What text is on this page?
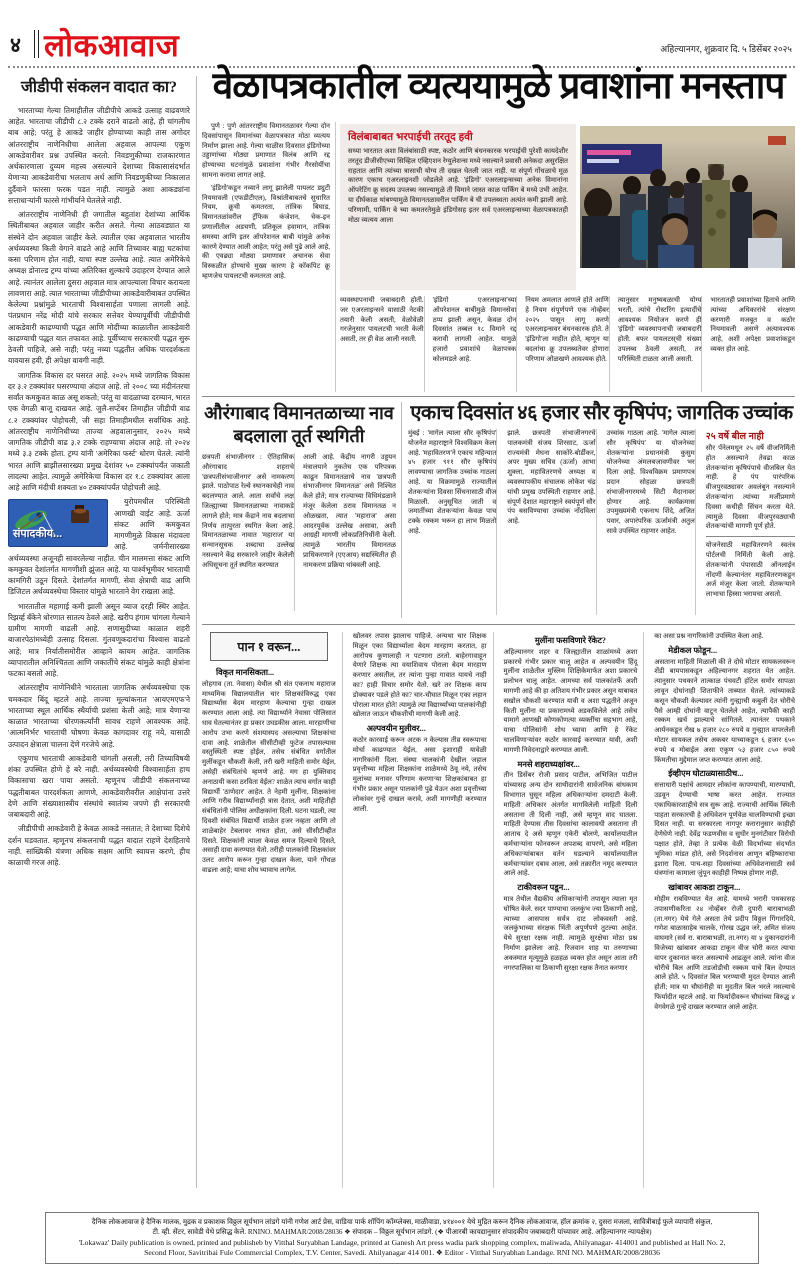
४ लोकआवाज	अहिल्यानगर, शुक्रवार दि. ५ डिसेंबर २०२५
जीडीपी संकलन वादात का?

भारताच्या गेल्या तिमाहीतील जीडीपीचे आकडे उत्साह वाढवणारे आहेत. भारताचा जीडीपी ८.२ टक्के दराने वाढतो आहे, ही चांगलीच बाब आहे; परंतु हे आकडे जाहीर होण्याच्या काही तास अगोदर आंतरराष्ट्रीय नाणेनिधीचा आलेला अहवाल आपल्या एकूण आकडेवारीवर प्रश्न उपस्थित करतो. निवडणुकीच्या राजकारणात अर्थकारणाला दुय्यम महत्त्व असल्याने देशाच्या विकासासंदर्भात येणाऱ्या आकडेवारीचा भलताच अर्थ आणि निवडणुकीच्या निकालात दुर्दैवाने फारसा फरक पडत नाही. त्यामुळे अशा आकड्यांना सत्ताधाऱ्यांनी फारसे गांभीर्याने घेतलेले नाही.

आंतरराष्ट्रीय नाणेनिधी ही जगातील बहुतांश देशांच्या आर्थिक स्थितीबाबत अहवाल जाहीर करीत असते. गेल्या आठवड्यात या संस्थेने दोन अहवाल जाहीर केले. त्यातील एका अहवालात भारतीय अर्थव्यवस्था किती वेगाने वाढते आहे आणि तिच्यावर बाह्य घटकांचा कसा परिणाम होत नाही, याचा स्पष्ट उल्लेख आहे. त्यात अमेरिकेचे अध्यक्ष डोनाल्ड ट्रम्प यांच्या अतिरिक्त शुल्काचे उदाहरण देण्यात आले आहे. त्यानंतर आलेला दुसरा अहवाल मात्र आपल्याला विचार करायला लावणारा आहे. त्यात भारताच्या जीडीपीच्या आकडेवारीबाबत उपस्थित केलेल्या प्रश्नांमुळे भारताची विश्वासार्हता पणाला लागली आहे. पंतप्रधान नरेंद्र मोदी यांचे सरकार सत्तेवर येण्यापूर्वीची जीडीपीची आकडेवारी काढण्याची पद्धत आणि मोदींच्या काळातील आकडेवारी काढण्याची पद्धत यात तफावत आहे. पूर्वीच्याच सरकारची पद्धत सुरू ठेवली पाहिजे, असे नाही; परंतु नव्या पद्धतीत अधिक पारदर्शकता यावयास हवी, ही अपेक्षा वावगी नाही.

जागतिक विकास दर घसरत आहे. २०२५ मध्ये जागतिक विकास दर ३.२ टक्क्यांवर घसरण्याचा अंदाज आहे. तो २००८ च्या मंदीनंतरचा सर्वांत कमकुवत काळ असू शकतो; परंतु या वादळाच्या दरम्यान, भारत एक वेगळी बाजू दाखवत आहे. जुलै-सप्टेंबर तिमाहीत जीडीपी वाढ ८.२ टक्क्यांवर पोहोचली, जी सहा तिमाहीमधील सर्वाधिक आहे. आंतरराष्ट्रीय नाणेनिधीच्या ताज्या अहवालानुसार, २०२५ मध्ये जागतिक जीडीपी वाढ ३.२ टक्के राहण्याचा अंदाज आहे. तो २०२४ मध्ये ३.३ टक्के होता. ट्रम्प यांनी 'अमेरिका फर्स्ट' धोरण घेतले. त्यांनी भारत आणि ब्राझीलसारख्या प्रमुख देशांवर ५० टक्क्यांपर्यंत जकाती लादल्या आहेत. त्यामुळे अमेरिकेचा विकास दर १.८ टक्क्यांवर आला आहे आणि मंदीची शक्यता ४० टक्क्यांपर्यंत पोहोचली आहे.

संपादकीय...

युरोपमधील परिस्थिती आणखी वाईट आहे. ऊर्जा संकट आणि कमकुवत मागणीमुळे विकास मंदावला आहे. जर्मनीसारख्या अर्थव्यवस्था अजूनही सावरलेल्या नाहीत. चीन मालमत्ता संकट आणि कमकुवत देशांतर्गत मागणीशी झुंजत आहे. या पार्श्वभूमीवर भारताची कामगिरी उठून दिसते. देशांतर्गत मागणी, सेवा क्षेत्राची वाढ आणि डिजिटल अर्थव्यवस्थेचा विस्तार यांमुळे भारताने वेग राखला आहे.

भारतातील महागाई कमी झाली असून व्याज दरही स्थिर आहेत. रिझर्व्ह बँकेने धोरणात सातत्य ठेवले आहे. खरीप हंगाम चांगला गेल्याने ग्रामीण मागणी वाढली आहे. सणासुदीच्या काळात शहरी बाजारपेठांमध्येही उत्साह दिसला. गुंतवणूकदारांचा विश्वास वाढतो आहे; मात्र निर्यातीसमोरील आव्हाने कायम आहेत. जागतिक व्यापारातील अनिश्चितता आणि जकातींचे संकट यांमुळे काही क्षेत्रांना फटका बसतो आहे.

आंतरराष्ट्रीय नाणेनिधीने भारताला जागतिक अर्थव्यवस्थेचा एक चमकदार बिंदू म्हटले आहे. ताज्या मूल्यांकनात 'आयएमएफ'ने भारताच्या स्थूल आर्थिक स्थैर्याची प्रशंसा केली आहे; मात्र येणाऱ्या काळात भारताच्या धोरणकर्त्यांनी सावध राहणे आवश्यक आहे. 'आत्मनिर्भर' भारताची घोषणा केवळ कागदावर राहू नये, यासाठी उत्पादन क्षेत्राला चालना देणे गरजेचे आहे.

एकूणच भारताची आकडेवारी चांगली असली, तरी तिच्याविषयी शंका उपस्थित होणे हे बरे नाही. अर्थव्यवस्थेची विश्वासार्हता हाच विकासाचा खरा पाया असतो. म्हणूनच जीडीपी संकलनाच्या पद्धतीबाबत पारदर्शकता आणणे, आकडेवारीवरील आक्षेपांना उत्तरे देणे आणि संख्याशास्त्रीय संस्थांचे स्वातंत्र्य जपणे ही सरकारची जबाबदारी आहे.

जीडीपीची आकडेवारी हे केवळ आकडे नसतात; ते देशाच्या दिशेचे दर्शन घडवतात. म्हणूनच संकलनाची पद्धत वादात राहणे देशहिताचे नाही. सांख्यिकी यंत्रणा अधिक सक्षम आणि स्वायत्त करणे, हीच काळाची गरज आहे.

वेळापत्रकातील व्यत्ययामुळे प्रवाशांना मनस्ताप

पुणे : पुणे आंतरराष्ट्रीय विमानतळावर गेल्या दोन दिवसांपासून विमानांच्या वेळापत्रकात मोठा व्यत्यय निर्माण झाला आहे. गेल्या चाळीस दिवसात इंडिगोच्या उड्डाणांच्या मोठ्या प्रमाणात विलंब आणि रद्द होण्याच्या घटनांमुळे प्रवाशांना गंभीर गैरसोयींचा सामना करावा लागत आहे.

'इंडिगो'कडून नव्याने लागू झालेली पायलट ड्युटी नियमावली (एफडीटीएल), विश्रांतीबाबतचे सुधारित नियम, क्रूची कमतरता, तांत्रिक बिघाड, विमानतळांवरील ट्रॅफिक कंजेशन, चेक-इन प्रणालींतील अडचणी, प्रतिकूल हवामान, तांत्रिक समस्या आणि इतर ऑपरेशनल बाबी यांमुळे अनेक कारणे देण्यात आली आहेत; परंतु असे पुढे आले आहे, की एवढ्या मोठ्या प्रमाणावर अचानक सेवा विस्कळीत होण्याचे मुख्य कारण हे कॉकपिट क्रू म्हणजेच पायलटची कमतरता आहे.

विलंबाबाबत भरपाईची तरतूद हवी
सध्या भारतात अशा विलंबांसाठी स्पष्ट, कठोर आणि बंधनकारक भरपाईची पुरेशी कायदेशीर तरतूद डीजीसीएच्या सिव्हिल एव्हिएशन रेग्युलेशन्स मध्ये नसल्याने प्रवासी अनेकदा असुरक्षित राहतात आणि त्यांच्या त्रासाची योग्य ती दखल घेतली जात नाही. या संपूर्ण गोंधळाचे मूळ कारण एकाच एअरलाइनशी जोडलेले आहे. 'इंडिगो' एअरलाइन्सच्या अनेक विमानांना ऑपरेटिंग क्रू सदस्य उपलब्ध नसल्यामुळे ती विमाने जास्त काळ पार्किंग बे मध्ये उभी आहेत. या दीर्घकाळ थांबण्यामुळे विमानतळावरील पार्किंग बे ची उपलब्धता अत्यंत कमी झाली आहे. परिणामी, पार्किंग बे च्या कमतरतेमुळे इंडिगोसह इतर सर्व एअरलाइन्सच्या वेळापत्रकातही मोठा व्यत्यय आला
व्यवस्थापनाची जबाबदारी होती. जर एअरलाइन्सने यासाठी नेटकी तयारी केली असती, वेळोवेळी गरजेनुसार पायलटची भरती केली असती, तर ही वेळ आली नसती.
'इंडिगो एअरलाइन्स'च्या ऑपरेशनल बाबींमुळे विमानसेवा ठप्प झाली असून, केवळ दोन दिवसांत तब्बल १८ विमाने रद्द करावी लागली आहेत. यामुळे हजारो प्रवाशांचे वेळापत्रक कोलमडले आहे.
नियम अमलात आणले होते आणि हे नियम संपूर्णपणे एक नोव्हेंबर २०२५ पासून लागू करणे एअरलाइन्सवर बंधनकारक होते. ते 'इंडिगो'ला माहीत होते, म्हणून या बदलांचा क्रू उपलब्धतेवर होणारा परिणाम ओळखणे आवश्यक होते.
त्यानुसार मनुष्यबळाची योग्य भरती, त्यांचे रोस्टरिंग इत्यादींचे आवश्यक नियोजन करणे ही 'इंडिगो' व्यवस्थापनाची जबाबदारी होती. बफर पायलटस्‌ची संख्या उपलब्ध ठेवली असती, तर परिस्थिती टाळता आली असती.
भारतातही प्रवाशांच्या हिताचे आणि त्यांच्या अधिकारांचे संरक्षण करणारी मजबूत व कठोर नियमावली असणे अत्यावश्यक आहे, अशी अपेक्षा प्रवाशांकडून व्यक्त होत आहे.
औरंगाबाद विमानतळाच्या नाव बदलाला तूर्त स्थगिती
छत्रपती संभाजीनगर : ऐतिहासिक औरंगाबाद शहराचे 'छत्रपतीसंभाजीनगर' असे नामकरण झाले. पाठोपाठ रेल्वे स्थानकाचेही नाव बदलण्यात आले. आता सर्वांचे लक्ष जिल्ह्याच्या विमानतळाच्या नावाकडे लागले होते; मात्र केंद्राने नाव बदलाचा निर्णय तात्पुरता स्थगित केला आहे. विमानतळाच्या नावात 'महाराज' या सन्मानसूचक शब्दाचा उल्लेख नसल्याने केंद्र सरकारने जाहीर केलेली अधिसूचना तूर्त स्थगित करण्यात
आली आहे. केंद्रीय नागरी उड्डयन मंत्रालयाने नुकतेच एक परिपत्रक काढून विमानतळाचे नाव 'छत्रपती संभाजीनगर विमानतळ' असे निश्चित केले होते; मात्र राज्याच्या विधिमंडळाने मंजूर केलेला ठराव विमानतळ न ओळखता, त्यात 'महाराज' असा आदरपूर्वक उल्लेख असावा, अशी आग्रही मागणी लोकप्रतिनिधींनी केली. त्यामुळे भारतीय विमानतळ प्राधिकरणाने (एएआय) सद्यस्थितीत ही नामकरण प्रक्रिया थांबवली आहे.
एकाच दिवसांत ४६ हजार सौर कृषिपंप; जागतिक उच्चांक
मुंबई : 'मागेल त्याला सौर कृषिपंप' योजनेत महाराष्ट्राने विश्वविक्रम केला आहे. 'महावितरण'ने एकाच महिन्यात ४५ हजार ९११ सौर कृषिपंप लावण्याचा जागतिक उच्चांक गाठला आहे. या विक्रमामुळे राज्यातील शेतकऱ्यांना दिवसा सिंचनासाठी वीज मिळाली. अनुसूचित जाती व जमातींच्या शेतकऱ्यांना केवळ पाच टक्के रक्कम भरून हा लाभ मिळतो आहे.
झाले. छत्रपती संभाजीनगरचे पालकमंत्री संजय शिरसाट, ऊर्जा राज्यमंत्री मेघना साकोरे-बोर्डीकर, अपर मुख्य सचिव (ऊर्जा) आभा शुक्ला, महावितरणचे अध्यक्ष व व्यवस्थापकीय संचालक लोकेश चंद्र यांची प्रमुख उपस्थिती राहणार आहे. संपूर्ण देशात महाराष्ट्राने स्वयंपूर्ण सौर पंप बसविण्याचा उच्चांक नोंदविला आहे.
उच्चांक गाठला आहे. 'मागेल त्याला सौर कृषिपंप' या योजनेच्या शेतकऱ्यांना प्रधानमंत्री कुसुम योजनेच्या अंमलबजावणीवर भर दिला आहे. विश्वविक्रम प्रमाणपत्र प्रदान सोहळा छत्रपती संभाजीनगरमध्ये सिटी मैदानावर होणार आहे. कार्यक्रमास उपमुख्यमंत्री एकनाथ शिंदे, अजित पवार, अपारंपरिक ऊर्जामंत्री अतुल सावे उपस्थित राहणार आहेत.
२५ वर्षे बील नाही
सौर पॅनेलमधून २५ वर्षे वीजनिर्मिती होत असल्याने तेवढा काळ शेतकऱ्यांना कृषिपंपाचे वीजबिल येत नाही. हे पंप पारंपरिक वीजपुरवठ्यावर अवलंबून नसल्याने शेतकऱ्यांना त्यांच्या मर्जीप्रमाणे दिवसा कधीही सिंचन करता येते. त्यामुळे दिवसा वीजपुरवठ्याची शेतकऱ्यांची मागणी पूर्ण होते.
योजनेसाठी महावितरणने स्वतंत्र पोर्टलची निर्मिती केली आहे. शेतकऱ्यांनी पंपासाठी ऑनलाईन नोंदणी केल्यानंतर महावितरणकडून अर्ज मंजूर केला जातो. शेतकऱ्याने लाभाचा हिस्सा भरायचा असतो.
पान १ वरून...
विकृत मानसिकता...
लोहगाव (ता. नेवासा) येथील श्री संत एकनाथ महाराज माध्यमिक विद्यालयातील चार शिक्षकांविरुद्ध एका विद्यार्थ्यास बेदम मारहाण केल्याचा गुन्हा दाखल करण्यात आला आहे. त्या विद्यार्थ्याने नेवासा पोलिसात धाव घेतल्यानंतर हा प्रकार उघडकीस आला. मारहाणीचा आरोप उभा करणे संशयास्पद असल्याचा शिक्षकांचा दावा आहे. शाळेतील सीसीटीव्ही फुटेज तपासल्यास वस्तुस्थिती स्पष्ट होईल, तसेच संबंधित वर्गातील मुलींकडून चौकशी केली, तरी खरी माहिती समोर येईल, असेही संबंधितांचे म्हणणे आहे. मग हा युक्तिवाद अनाठायी कसा ठरविता येईल? शाळेत त्याच वर्गात काही विद्यार्थी 'ठाणेदार' आहेत. ते नेहमी मुलींना, शिक्षकांना आणि गरीब विद्यार्थ्यांनाही त्रास देतात, अशी माहितीही संबंधितांनी पोलिस अधीक्षकांना दिली. घटना घडली, त्या दिवशी संबंधित विद्यार्थी शाळेत हजर नव्हता आणि तो शाळेबाहेर टेबलावर नाचत होता, असे सीसीटीव्हीत दिसते. शिक्षकांनी त्याला केवळ समज दिल्याचे दिसते, असाही दावा करण्यात येतो. तरीही पालकांनी शिक्षकांवर उलट आरोप करून गुन्हा दाखल केला, याने गोंधळ वाढला आहे; याचा शोध घ्यावाच लागेल.
खोलवर तपास झालाच पाहिजे. अन्यथा चार शिक्षक मिळून एका विद्यार्थ्याला बेदम मारहाण करतात, हा आरोपच कुणालाही न पटणारा ठरतो. बाहेरगावाहून येणारे शिक्षक त्या वयाशिवाय पोराला बेदम मारहाण करणार असतील, तर त्यांना पुन्हा गावात यायचे नाही का? हाही विचार समोर येतो. खरे तर शिक्षक काय डोक्यावर पडले होते का? चार-चौघात मिळून एका लहान पोराला मारत होते! त्यामुळे त्या विद्यार्थ्यांच्या पालकांनीही खोलात जाऊन चौकशीची मागणी केली आहे.
अल्पवयीन मुलीवर...
कठोर कारवाई करून अटक न केल्यास तीव्र स्वरूपाचा मोर्चा काढण्यात येईल, असा इशाराही यावेळी नागरिकांनी दिला. संस्था चालकांनी देखील जहाल प्रवृत्तीच्या महिला शिक्षकांना शाळेमध्ये ठेवू नये, तसेच मुलांच्या मनावर परिणाम करणाऱ्या शिक्षकांबाबत हा गंभीर प्रकार असून पालकांनी पुढे येऊन अशा प्रवृत्तीच्या लोकांवर गुन्हे दाखल करावे, अशी मागणीही करण्यात आली.
मुलींना फसविणारे रॅकेट?
अहिल्यानगर शहर व जिल्ह्यातील शाळांमध्ये अशा प्रकारचे गंभीर प्रकार चालू आहेत व अल्पवयीन हिंदू मुलींना शाळेतील मुस्लिम शिक्षिकेमार्फत अशा प्रकारचे प्रलोभन चालू आहेत. आमच्या सर्व पालकांतर्फे अशी मागणी आहे की हा अतिशय गंभीर प्रकार असून याबाबत सखोल चौकशी करण्यात यावी व अशा पद्धतीने अजून किती मुलींना या प्रकारामध्ये अडकविलेले आहे तसेच यामागे आणखी कोणकोणत्या व्यक्तींचा सहभाग आहे, याचा पोलिसांनी शोध घ्यावा आणि हे रॅकेट चालविणाऱ्यांवर कठोर कारवाई करण्यात यावी, अशी मागणी निवेदनाद्वारे करण्यात आली.
मनसे शहराध्यक्षांवर...
तीन डिसेंबर रोजी प्रसाद पाटील, अभिजित पाटील यांच्यासह अन्य दोन साथीदारांनी सार्वजनिक बांधकाम विभागात घुसून महिला अधिकाऱ्यांना दमदाटी केली. माहिती अधिकार अंतर्गत मागविलेली माहिती दिली असताना ती दिली नाही, असे म्हणून वाद घातला. माहिती देण्यास तीस दिवसांचा कालावधी असताना ती आताच दे असे म्हणून एकेरी बोलणे, कार्यालयातील कर्मचाऱ्यांना फोनवरून अपशब्द वापरणे, असे महिला अधिकाऱ्यांबाबत वर्तन घडल्याने कार्यालयातील कर्मचाऱ्यांवर दबाव आला, असे तक्रारीत नमूद करण्यात आले आहे.
टाकीवरून पडून...
मात्र तेथील वैद्यकीय अधिकाऱ्यांनी तपासून त्याला मृत घोषित केले. सदर पाण्याचा जलकुंभ ज्या ठिकाणी आहे, त्याच्या आसपास सर्वत्र दाट लोकवस्ती आहे. जलकुंभाच्या संरक्षक भिंती अपूर्णपणे तुटल्या आहेत. येथे सुरक्षा रक्षक नाही. त्यामुळे सुरक्षेचा मोठा प्रश्न निर्माण झालेला आहे. रिजवान शाह या तरुणाच्या अकस्मात मृत्यूमुळे हळहळ व्यक्त होत असून आता तरी नगरपालिका या ठिकाणी सुरक्षा रक्षक तैनात करणार
का असा प्रश्न नागरिकांनी उपस्थित केला आहे.
मेडीकल फोडून...
असताना माहिती मिळाली की ते दोघे मोटार सायकलवरून शेंडी बायपासकडून अहिल्यानगर शहरात येत आहेत. त्यानुसार पथकाने तात्काळ पंचवटी हॉटेल समोर सापळा लावून दोघांनाही शिताफीने ताब्यात घेतले. त्यांच्याकडे कसून चौकशी केल्यावर त्यांनी गुन्ह्याची कबुली देत चोरीचे पैसे आम्ही दोघांनी वाटून घेतलेले आहेत, त्यापैकी काही रक्कम खर्च झाल्याचे सांगितले. त्यानंतर पथकाने आर्यनकडून रोख ७ हजार २८० रुपये व गुन्ह्यात वापरलेली मोटार सायकल तसेच अकबर याच्याकडून ६ हजार ६५० रुपये व मोबाईल असा एकूण ५३ हजार ८५० रुपये किंमतीचा मुद्देमाल जप्त करण्यात आला आहे.
ईव्हीएम घोटाळ्यासाठीच...
सत्ताधारी पक्षांचे आमदार लोकांना कापण्याची, मारण्याची, उडवून देण्याची भाषा करत आहेत. राज्यात एकाधिकारशाहीचे सत्र सुरू आहे. राज्याची आर्थिक स्थिती पाहता सरकारची हे अधिवेशन पूर्णवेळ चालविण्याची इच्छा दिसत नाही. या सरकारला नागपूर करारानुसार काहीही देणेघेणे नाही. देवेंद्र फडणवीस व सुधीर मुनगंटीवार विरोधी पक्षात होते, तेव्हा ते प्रत्येक वेळी विदर्भाच्या संदर्भात भूमिका मांडत होते, असे निदर्शनास आणून बहिष्काराचा इशारा दिला. पाच-सहा दिवसांच्या अधिवेशनासाठी सर्व यंत्रणांना कामाला जुंपून काहीही निष्पन्न होणार नाही.
खांबावर आकडा टाकून...
मोहीम राबविण्यात येत आहे. यामध्ये भरारी पथकासह तपासणीकरिता २४ नोव्हेंबर रोजी दुपारी बाराबाभळी (ता.नगर) येथे गेले असता तेथे प्रदीप विठ्ठल गिंगारदिये, गणेश बाळासाहेब चालके, गोरख उद्धव जरे, अमित संजय वाघमारे (सर्व रा. बाराबाभळी, ता.नगर) या ४ दुकानदारांनी विजेच्या खांबावर आकडा टाकून वीज चोरी करत त्याचा वापर दुकानात करत असल्याचे आढळून आले. त्यांना वीज चोरीचे बिल आणि तडजोडीची रक्कम याचे बिल देण्यात आले होते. ५ दिवसांत बिल भरण्याची मुदत देण्यात आली होती; मात्र या चौघांनीही या मुदतीत बिल भरले नसल्याचे फिर्यादीत म्हटले आहे. या फिर्यादीवरून चौघांच्या विरुद्ध ४ वेगवेगळे गुन्हे दाखल करण्यात आले आहेत.
दैनिक लोकआवाज हे दैनिक मालक, मुद्रक व प्रकाशक विठ्ठल सूर्यभान लांडगे यांनी गणेश आर्ट प्रेस, वाडिया पार्क शॉपिंग कॉम्प्लेक्स, माळीवाडा, ४१४००१ येथे मुद्रित करून दैनिक लोकआवाज, हॉल क्रमांक २, दुसरा मजला, सावित्रीबाई फुले व्यापारी संकुल,
टी. व्ही. सेंटर, सावेडी येथे प्रसिद्ध केले. RNINO. MAHMAR/2008/28036 ❖ संपादक – विठ्ठल सूर्यभान लांडगे. (❖ पीआरबी कायद्यानुसार संपादकीय जबाबदारी यांच्यावर आहे. अहिल्यानगर न्यायक्षेत्र)
'Lokawaz' Daily publication is owned, printed and publisheb by Vitthal Suryabhan Landage, printed at Ganesh Art press wadia park shopping complex, maliwada, Ahilyanagar- 414001 and published at Hall No. 2,
Second Floor, Savitribai Fule Commercial Complex, T.V. Center, Savedi. Ahilyanagar 414 001. ❖ Editor - Vitthal Suryabhan Landage. RNI NO. MAHMAR/2008/28036
